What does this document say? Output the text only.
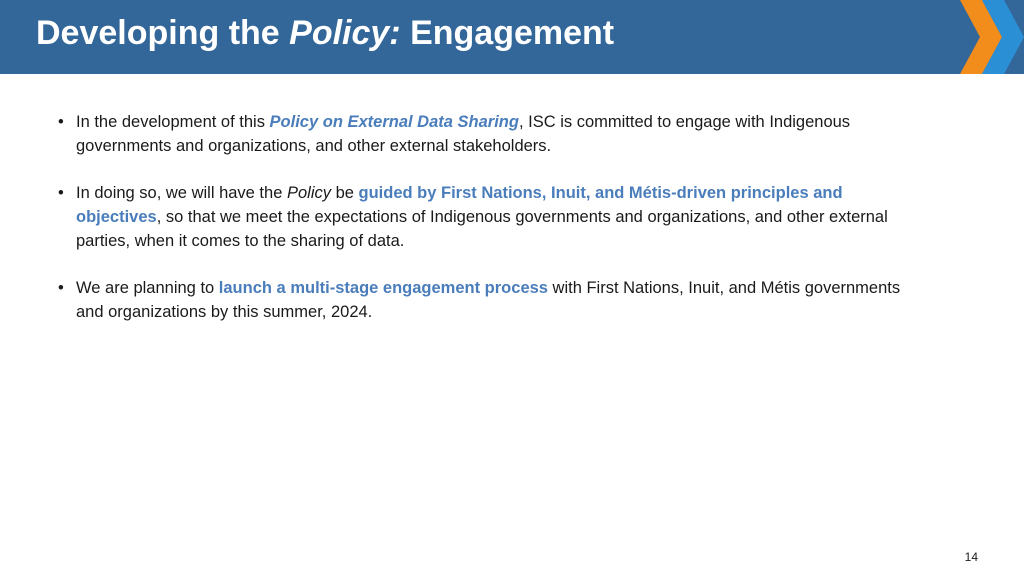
Developing the Policy: Engagement
• In the development of this Policy on External Data Sharing, ISC is committed to engage with Indigenous governments and organizations, and other external stakeholders.
• In doing so, we will have the Policy be guided by First Nations, Inuit, and Métis-driven principles and objectives, so that we meet the expectations of Indigenous governments and organizations, and other external parties, when it comes to the sharing of data.
• We are planning to launch a multi-stage engagement process with First Nations, Inuit, and Métis governments and organizations by this summer, 2024.
14
